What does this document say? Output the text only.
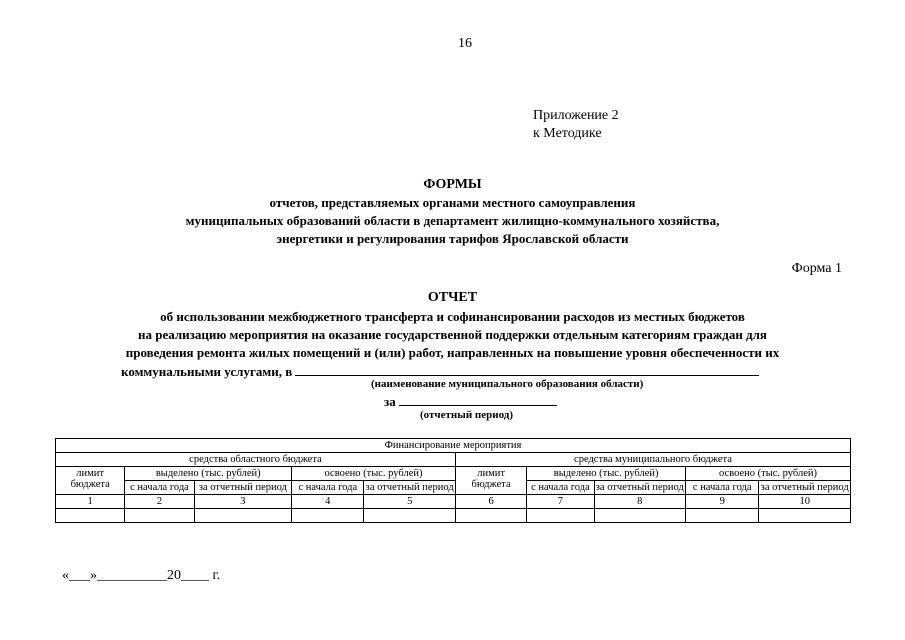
16
Приложение 2
к Методике
ФОРМЫ
отчетов, представляемых органами местного самоуправления
муниципальных образований области в департамент жилищно-коммунального хозяйства,
энергетики и регулирования тарифов Ярославской области
Форма 1
ОТЧЕТ
об использовании межбюджетного трансферта и софинансировании расходов из местных бюджетов
на реализацию мероприятия на оказание государственной поддержки отдельным категориям граждан для
проведения ремонта жилых помещений и (или) работ, направленных на повышение уровня обеспеченности их
коммунальными услугами, в
(наименование муниципального образования области)
за
(отчетный период)
Финансирование мероприятия									
средства областного бюджета					средства муниципального бюджета				
лимит бюджета	выделено (тыс. рублей)		освоено (тыс. рублей)		лимит бюджета	выделено (тыс. рублей)		освоено (тыс. рублей)	
	с начала года	за отчетный период	с начала года	за отчетный период		с начала года	за отчетный период	с начала года	за отчетный период
1	2	3	4	5	6	7	8	9	10

«___»__________20____ г.
